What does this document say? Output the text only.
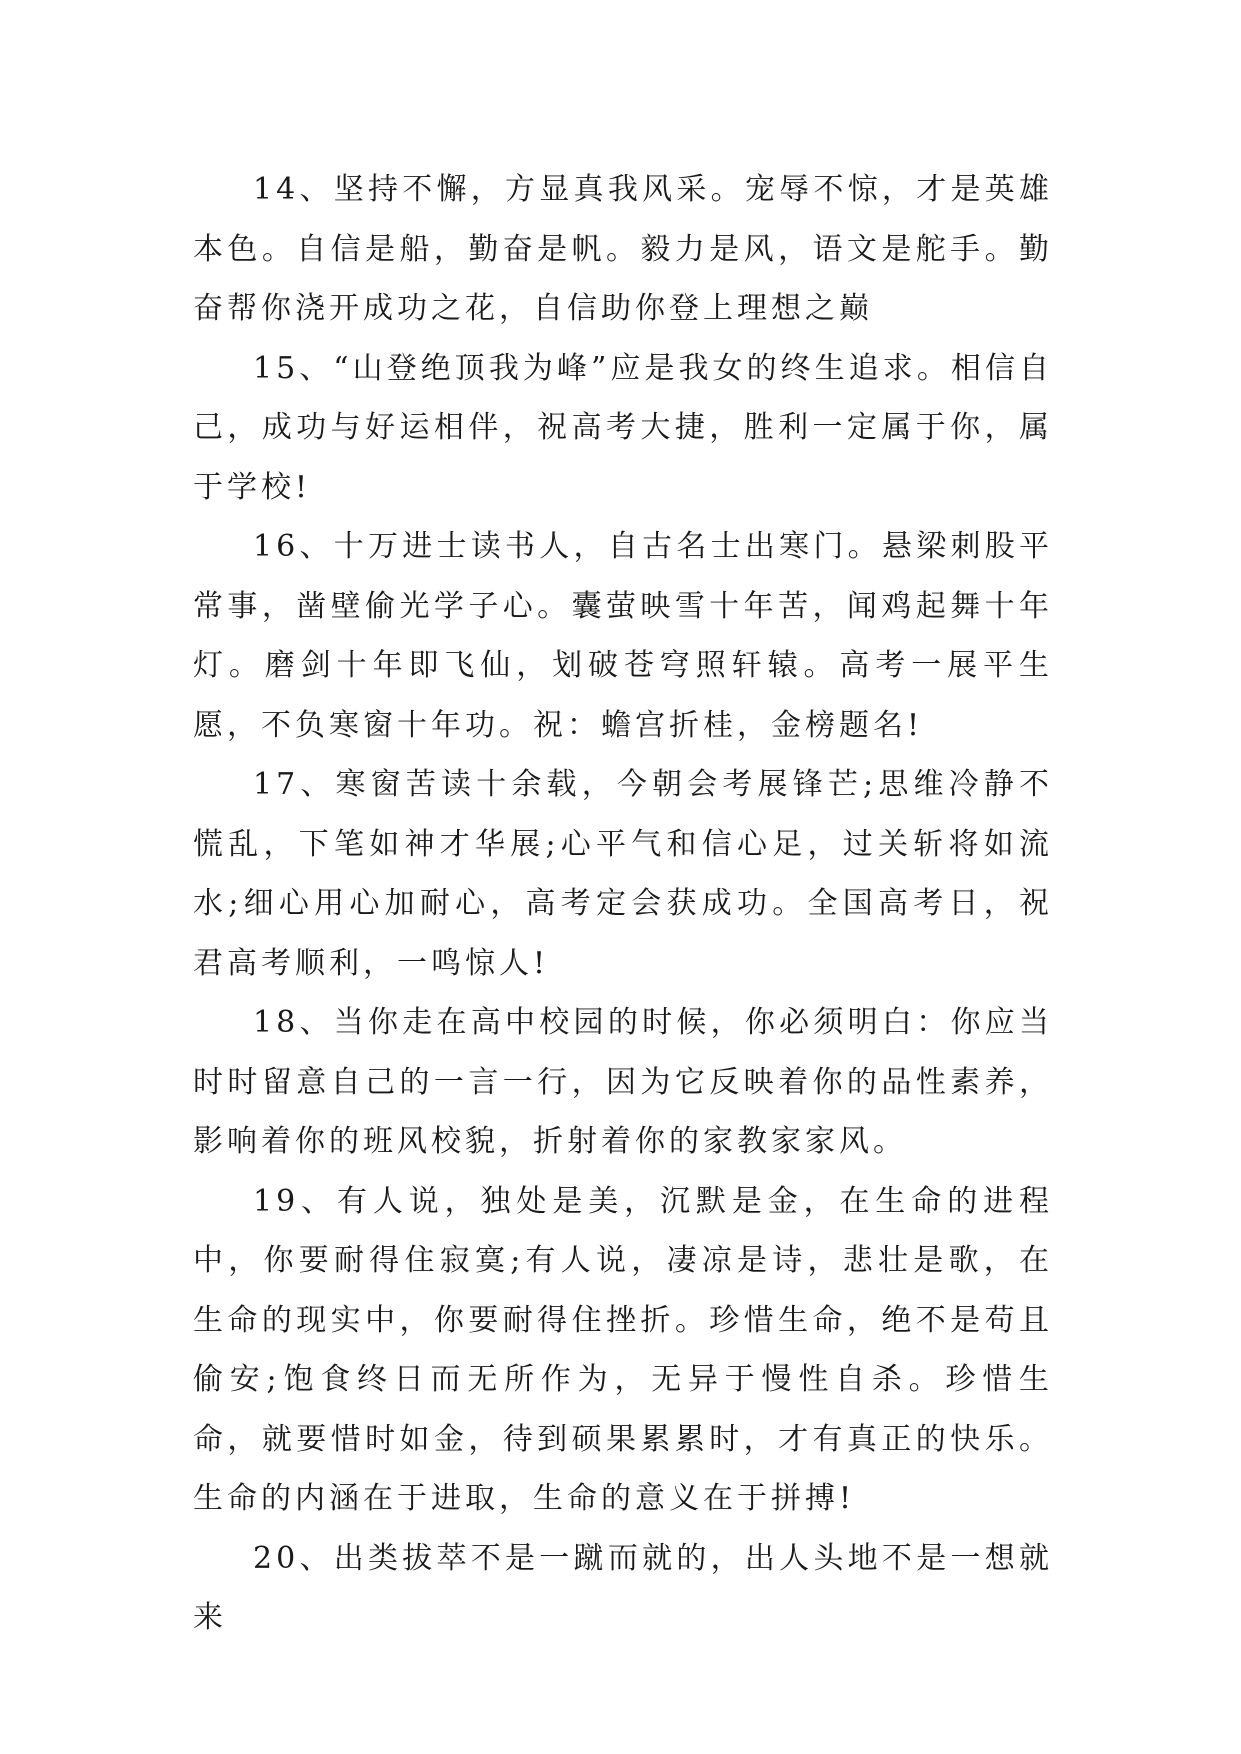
14、坚持不懈，方显真我风采。宠辱不惊，才是英雄本色。自信是船，勤奋是帆。毅力是风，语文是舵手。勤奋帮你浇开成功之花，自信助你登上理想之巅

15、“山登绝顶我为峰”应是我女的终生追求。相信自己，成功与好运相伴，祝高考大捷，胜利一定属于你，属于学校!

16、十万进士读书人，自古名士出寒门。悬梁刺股平常事，凿壁偷光学子心。囊萤映雪十年苦，闻鸡起舞十年灯。磨剑十年即飞仙，划破苍穹照轩辕。高考一展平生愿，不负寒窗十年功。祝：蟾宫折桂，金榜题名!

17、寒窗苦读十余载，今朝会考展锋芒;思维冷静不慌乱，下笔如神才华展;心平气和信心足，过关斩将如流水;细心用心加耐心，高考定会获成功。全国高考日，祝君高考顺利，一鸣惊人!

18、当你走在高中校园的时候，你必须明白：你应当时时留意自己的一言一行，因为它反映着你的品性素养，影响着你的班风校貌，折射着你的家教家家风。

19、有人说，独处是美，沉默是金，在生命的进程中，你要耐得住寂寞;有人说，凄凉是诗，悲壮是歌，在生命的现实中，你要耐得住挫折。珍惜生命，绝不是苟且偷安;饱食终日而无所作为，无异于慢性自杀。珍惜生命，就要惜时如金，待到硕果累累时，才有真正的快乐。生命的内涵在于进取，生命的意义在于拼搏!

20、出类拔萃不是一蹴而就的，出人头地不是一想就来
